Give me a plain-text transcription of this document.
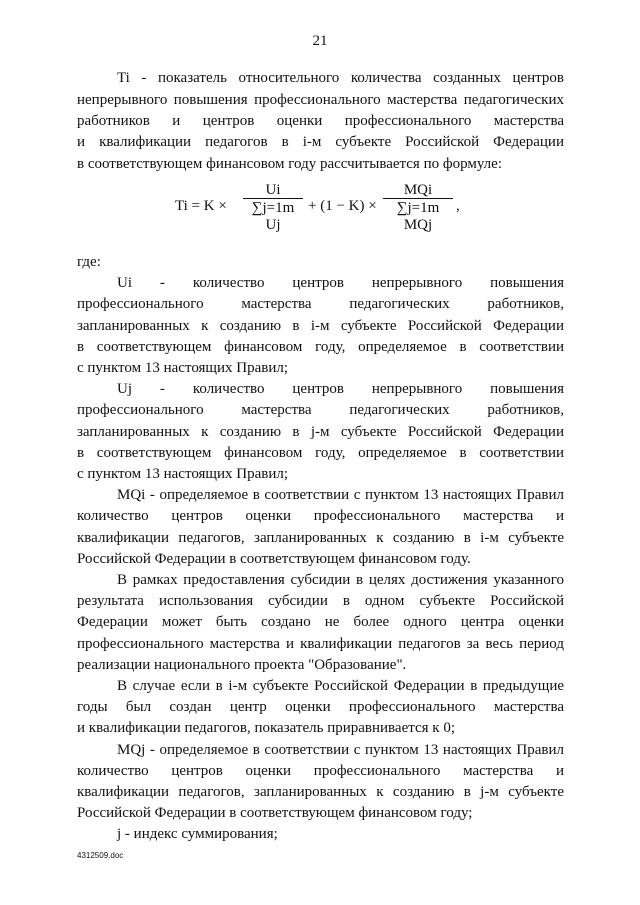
21
Ti - показатель относительного количества созданных центров
непрерывного повышения профессионального мастерства педагогических
работников и центров оценки профессионального мастерства
и квалификации педагогов в i-м субъекте Российской Федерации
в соответствующем финансовом году рассчитывается по формуле:
$Ti = K \times \frac{Ui}{\text{∑j=1m Uj}} + (1 - K)$ ×
MQi
∑j=1m MQj
,
где:
Ui - количество центров непрерывного повышения
профессионального мастерства педагогических работников,
запланированных к созданию в i-м субъекте Российской Федерации
в соответствующем финансовом году, определяемое в соответствии
с пунктом 13 настоящих Правил;
Uj - количество центров непрерывного повышения
профессионального мастерства педагогических работников,
запланированных к созданию в j-м субъекте Российской Федерации
в соответствующем финансовом году, определяемое в соответствии
с пунктом 13 настоящих Правил;
MQi - определяемое в соответствии с пунктом 13 настоящих Правил
количество центров оценки профессионального мастерства и
квалификации педагогов, запланированных к созданию в i-м субъекте
Российской Федерации в соответствующем финансовом году.
В рамках предоставления субсидии в целях достижения указанного
результата использования субсидии в одном субъекте Российской
Федерации может быть создано не более одного центра оценки
профессионального мастерства и квалификации педагогов за весь период
реализации национального проекта "Образование".
В случае если в i-м субъекте Российской Федерации в предыдущие
годы был создан центр оценки профессионального мастерства
и квалификации педагогов, показатель приравнивается к 0;
MQj - определяемое в соответствии с пунктом 13 настоящих Правил
количество центров оценки профессионального мастерства и
квалификации педагогов, запланированных к созданию в j-м субъекте
Российской Федерации в соответствующем финансовом году;
j - индекс суммирования;
4312509.doc
